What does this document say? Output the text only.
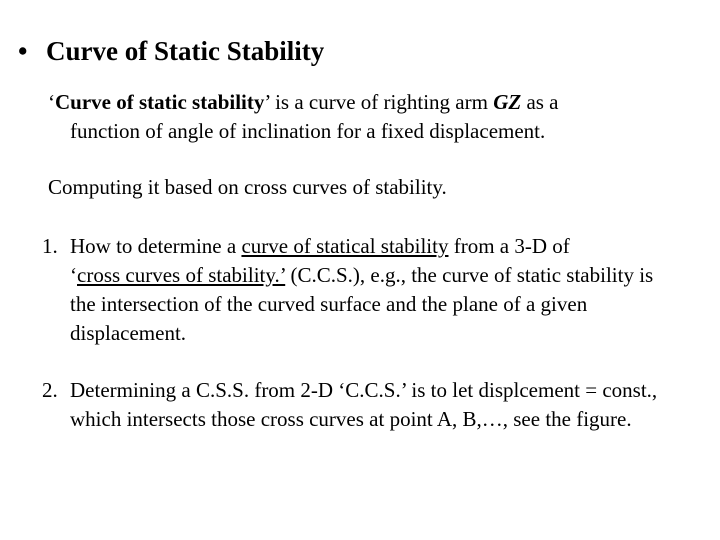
• Curve of Static Stability
‘Curve of static stability’ is a curve of righting arm GZ as a
function of angle of inclination for a fixed displacement.
Computing it based on cross curves of stability.
1. How to determine a curve of statical stability from a 3-D of
‘cross curves of stability.’ (C.C.S.), e.g., the curve of static stability is the intersection of the curved surface and the plane of a given displacement.
2. Determining a C.S.S. from 2-D ‘C.C.S.’ is to let displcement = const., which intersects those cross curves at point A, B,…, see the figure.
